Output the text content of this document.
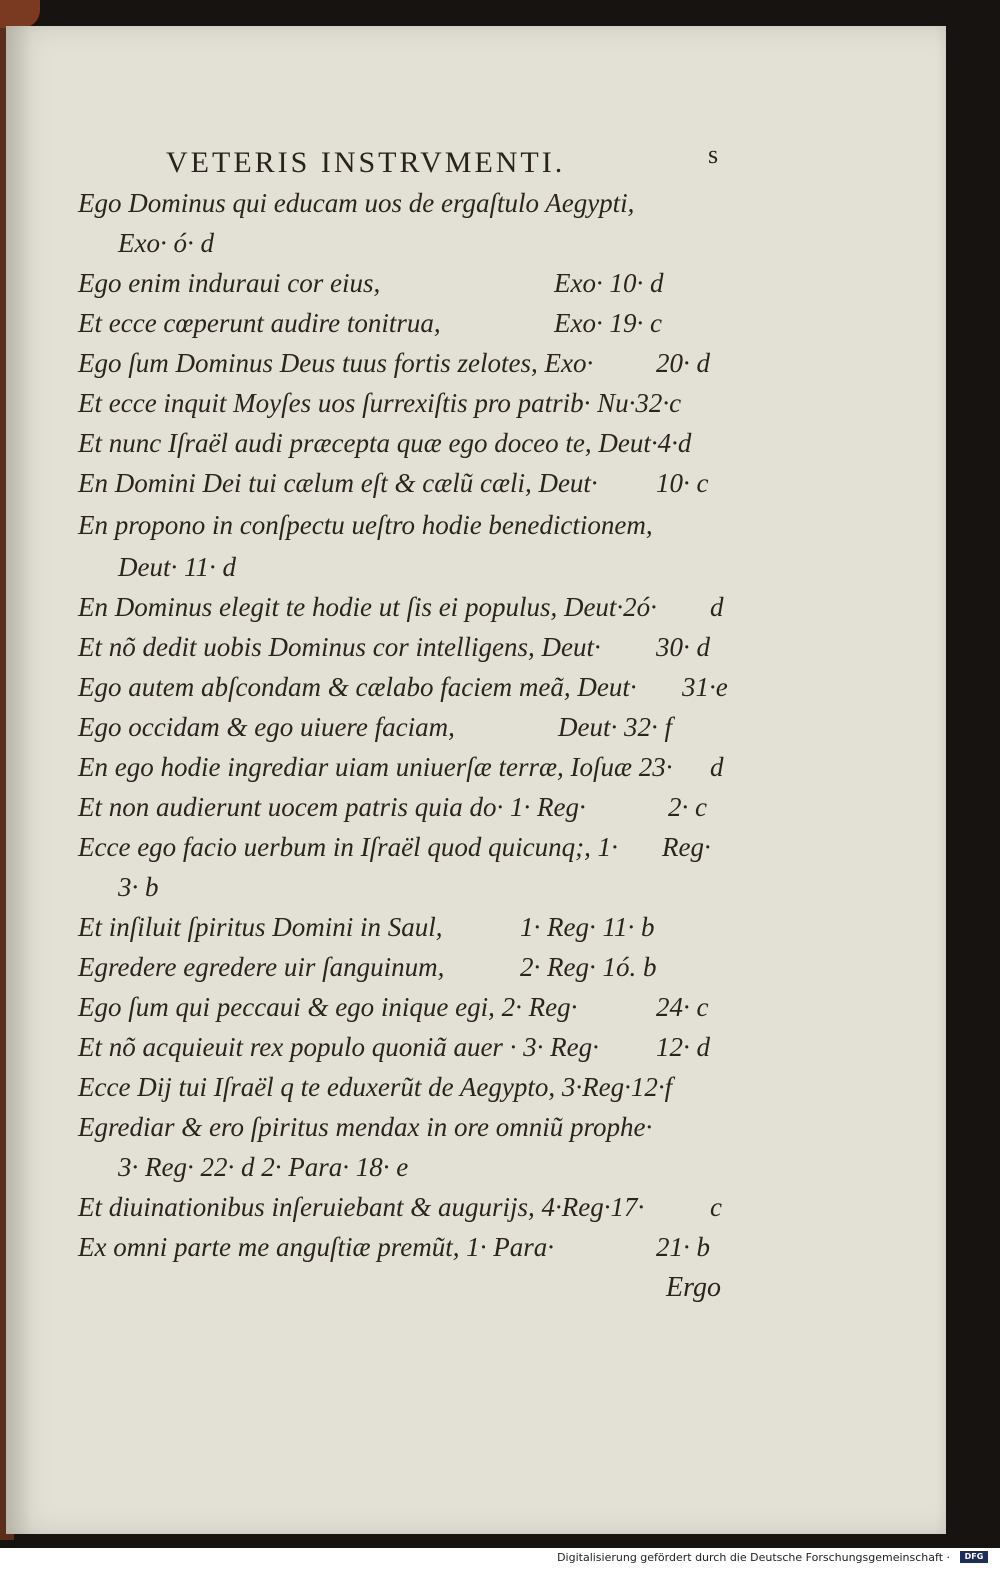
VETERIS INSTRVMENTI.	s
Ego Dominus qui educam uos de ergaſtulo Aegypti,
Exo· ó· d
Ego enim induraui cor eius,	Exo· 10· d
Et ecce cœperunt audire tonitrua,	Exo· 19· c
Ego ſum Dominus Deus tuus fortis zelotes, Exo· 20· d
Et ecce inquit Moyſes uos ſurrexiſtis pro patrib· Nu·32·c
Et nunc Iſraël audi præcepta quæ ego doceo te, Deut·4·d
En Domini Dei tui cælum eſt & cælũ cæli, Deut· 10· c
En propono in conſpectu ueſtro hodie benedictionem,
Deut· 11· d
En Dominus elegit te hodie ut ſis ei populus, Deut·2ó· d
Et nõ dedit uobis Dominus cor intelligens, Deut· 30· d
Ego autem abſcondam & cælabo faciem meã, Deut· 31·e
Ego occidam & ego uiuere faciam,	Deut· 32· f
En ego hodie ingrediar uiam uniuerſæ terræ, Ioſuæ 23· d
Et non audierunt uocem patris quia do· 1· Reg·	2· c
Ecce ego facio uerbum in Iſraël quod quicunq;, 1· Reg·
3· b
Et inſiluit ſpiritus Domini in Saul,	1· Reg· 11· b
Egredere egredere uir ſanguinum,	2· Reg· 1ó. b
Ego ſum qui peccaui & ego inique egi, 2· Reg·	24· c
Et nõ acquieuit rex populo quoniã auer · 3· Reg· 12· d
Ecce Dij tui Iſraël q te eduxerũt de Aegypto, 3·Reg·12·f
Egrediar & ero ſpiritus mendax in ore omniũ prophe·
3· Reg· 22· d 2· Para· 18· e
Et diuinationibus inſeruiebant & augurijs, 4·Reg·17· c
Ex omni parte me anguſtiæ premũt, 1· Para·	21· b
Ergo
Digitalisierung gefördert durch die Deutsche Forschungsgemeinschaft ·	DFG
